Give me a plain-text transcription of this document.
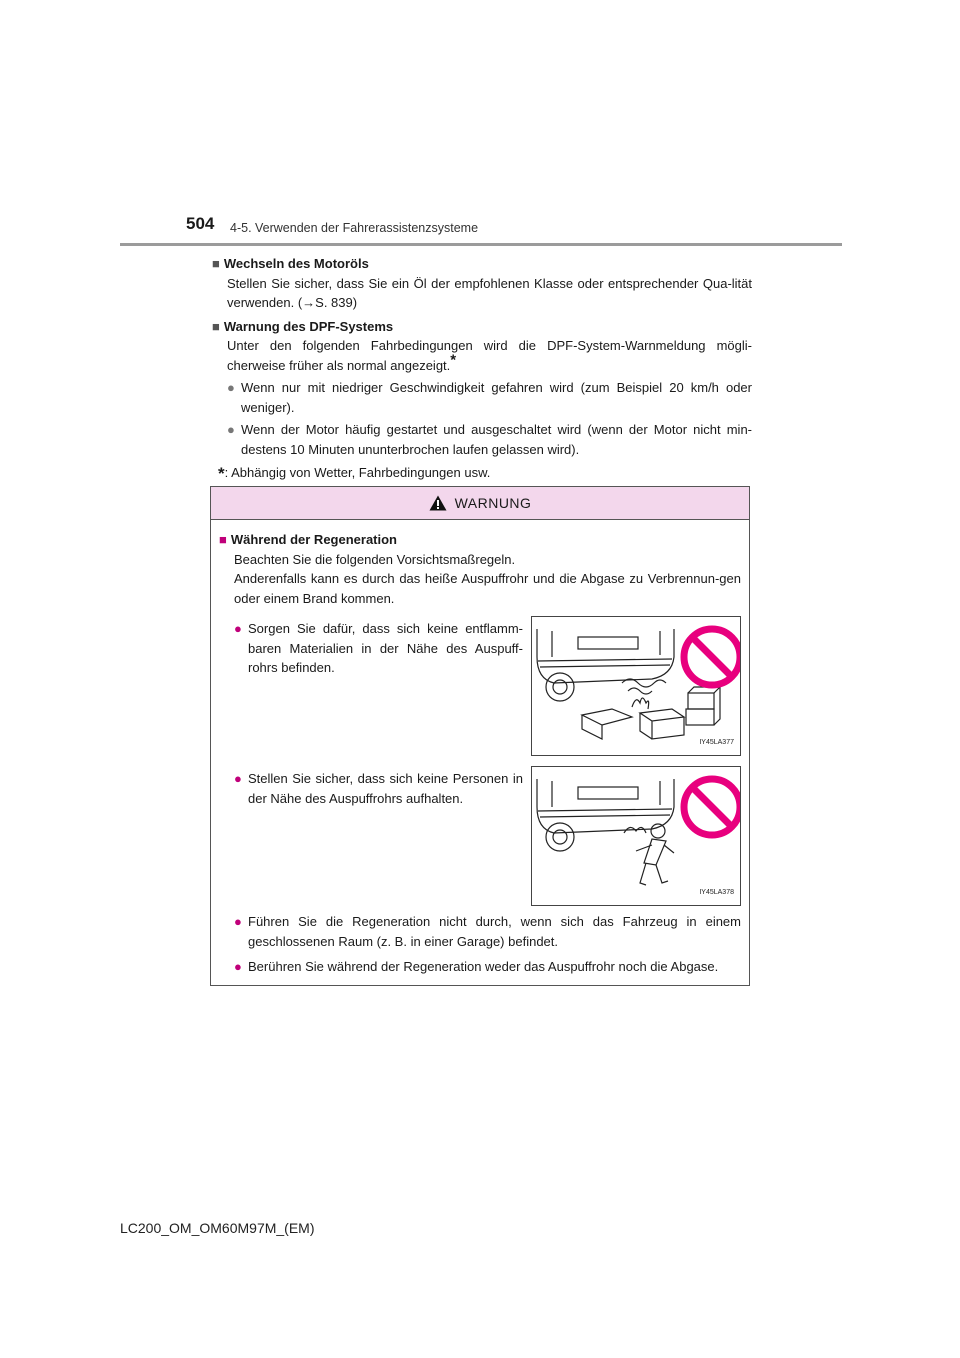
504 4-5. Verwenden der Fahrerassistenzsysteme
■ Wechseln des Motoröls
Stellen Sie sicher, dass Sie ein Öl der empfohlenen Klasse oder entsprechender Qua-lität verwenden. (→S. 839)
■ Warnung des DPF-Systems
Unter den folgenden Fahrbedingungen wird die DPF-System-Warnmeldung mögli-cherweise früher als normal angezeigt.*
● Wenn nur mit niedriger Geschwindigkeit gefahren wird (zum Beispiel 20 km/h oder weniger).
● Wenn der Motor häufig gestartet und ausgeschaltet wird (wenn der Motor nicht min-destens 10 Minuten ununterbrochen laufen gelassen wird).
*: Abhängig von Wetter, Fahrbedingungen usw.
WARNUNG
■ Während der Regeneration
Beachten Sie die folgenden Vorsichtsmaßregeln.
Anderenfalls kann es durch das heiße Auspuffrohr und die Abgase zu Verbrennun-gen oder einem Brand kommen.
● Sorgen Sie dafür, dass sich keine entflamm-baren Materialien in der Nähe des Auspuff-rohrs befinden.
IY45LA377
● Stellen Sie sicher, dass sich keine Personen in der Nähe des Auspuffrohrs aufhalten.
IY45LA378
● Führen Sie die Regeneration nicht durch, wenn sich das Fahrzeug in einem geschlossenen Raum (z. B. in einer Garage) befindet.
● Berühren Sie während der Regeneration weder das Auspuffrohr noch die Abgase.
LC200_OM_OM60M97M_(EM)
